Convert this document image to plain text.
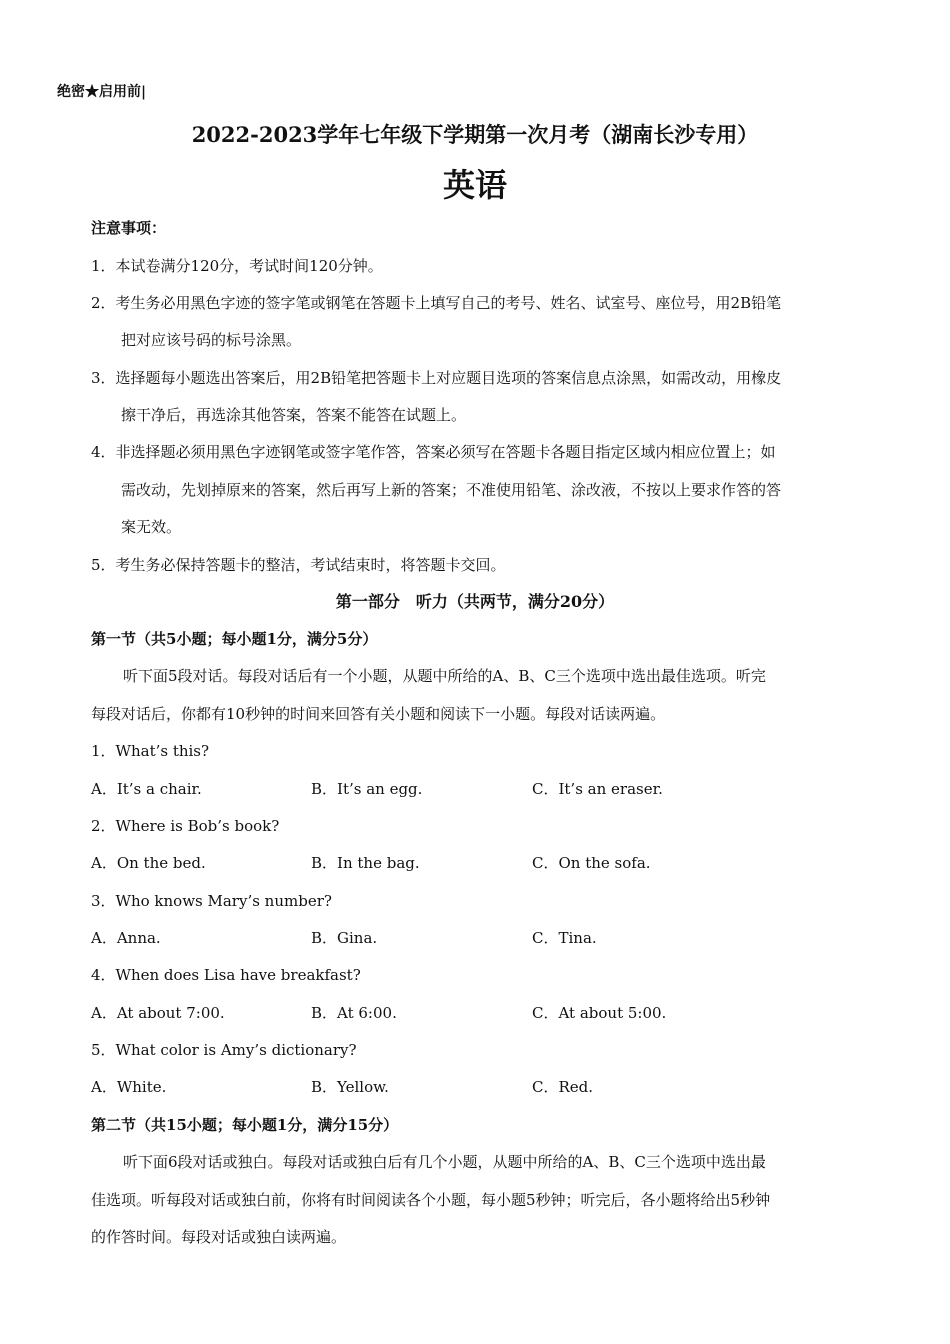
绝密★启用前|
2022-2023学年七年级下学期第一次月考（湖南长沙专用）
英语
注意事项：
1．本试卷满分120分，考试时间120分钟。
2．考生务必用黑色字迹的签字笔或钢笔在答题卡上填写自己的考号、姓名、试室号、座位号，用2B铅笔
把对应该号码的标号涂黑。
3．选择题每小题选出答案后，用2B铅笔把答题卡上对应题目选项的答案信息点涂黑，如需改动，用橡皮
擦干净后，再选涂其他答案，答案不能答在试题上。
4．非选择题必须用黑色字迹钢笔或签字笔作答，答案必须写在答题卡各题目指定区域内相应位置上；如
需改动，先划掉原来的答案，然后再写上新的答案；不准使用铅笔、涂改液，不按以上要求作答的答
案无效。
5．考生务必保持答题卡的整洁，考试结束时，将答题卡交回。
第一部分　听力（共两节，满分20分）
第一节（共5小题；每小题1分，满分5分）
听下面5段对话。每段对话后有一个小题，从题中所给的A、B、C三个选项中选出最佳选项。听完
每段对话后，你都有10秒钟的时间来回答有关小题和阅读下一小题。每段对话读两遍。
1．What’s this?
A．It’s a chair.	B．It’s an egg.	C．It’s an eraser.
2．Where is Bob’s book?
A．On the bed.	B．In the bag.	C．On the sofa.
3．Who knows Mary’s number?
A．Anna.	B．Gina.	C．Tina.
4．When does Lisa have breakfast?
A．At about 7:00.	B．At 6:00.	C．At about 5:00.
5．What color is Amy’s dictionary?
A．White.	B．Yellow.	C．Red.
第二节（共15小题；每小题1分，满分15分）
听下面6段对话或独白。每段对话或独白后有几个小题，从题中所给的A、B、C三个选项中选出最
佳选项。听每段对话或独白前，你将有时间阅读各个小题，每小题5秒钟；听完后，各小题将给出5秒钟
的作答时间。每段对话或独白读两遍。
